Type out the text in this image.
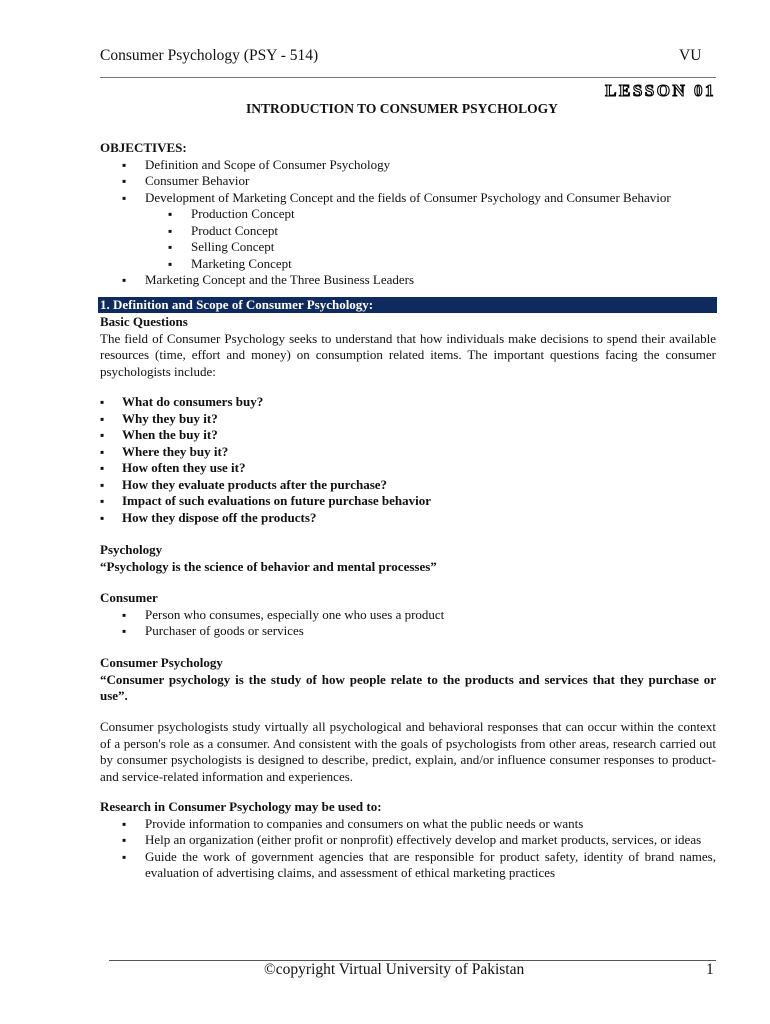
Consumer Psychology (PSY - 514)	VU
LESSON 01
INTRODUCTION TO CONSUMER PSYCHOLOGY
OBJECTIVES:
▪ Definition and Scope of Consumer Psychology
▪ Consumer Behavior
▪ Development of Marketing Concept and the fields of Consumer Psychology and Consumer Behavior
▪ Production Concept
▪ Product Concept
▪ Selling Concept
▪ Marketing Concept
▪ Marketing Concept and the Three Business Leaders
1. Definition and Scope of Consumer Psychology:
Basic Questions
The field of Consumer Psychology seeks to understand that how individuals make decisions to spend their available resources (time, effort and money) on consumption related items. The important questions facing the consumer psychologists include:
▪ What do consumers buy?
▪ Why they buy it?
▪ When the buy it?
▪ Where they buy it?
▪ How often they use it?
▪ How they evaluate products after the purchase?
▪ Impact of such evaluations on future purchase behavior
▪ How they dispose off the products?
Psychology
“Psychology is the science of behavior and mental processes”
Consumer
▪ Person who consumes, especially one who uses a product
▪ Purchaser of goods or services
Consumer Psychology
“Consumer psychology is the study of how people relate to the products and services that they purchase or use”.
Consumer psychologists study virtually all psychological and behavioral responses that can occur within the context of a person's role as a consumer. And consistent with the goals of psychologists from other areas, research carried out by consumer psychologists is designed to describe, predict, explain, and/or influence consumer responses to product- and service-related information and experiences.
Research in Consumer Psychology may be used to:
▪ Provide information to companies and consumers on what the public needs or wants
▪ Help an organization (either profit or nonprofit) effectively develop and market products, services, or ideas
▪ Guide the work of government agencies that are responsible for product safety, identity of brand names, evaluation of advertising claims, and assessment of ethical marketing practices
©copyright Virtual University of Pakistan	1
